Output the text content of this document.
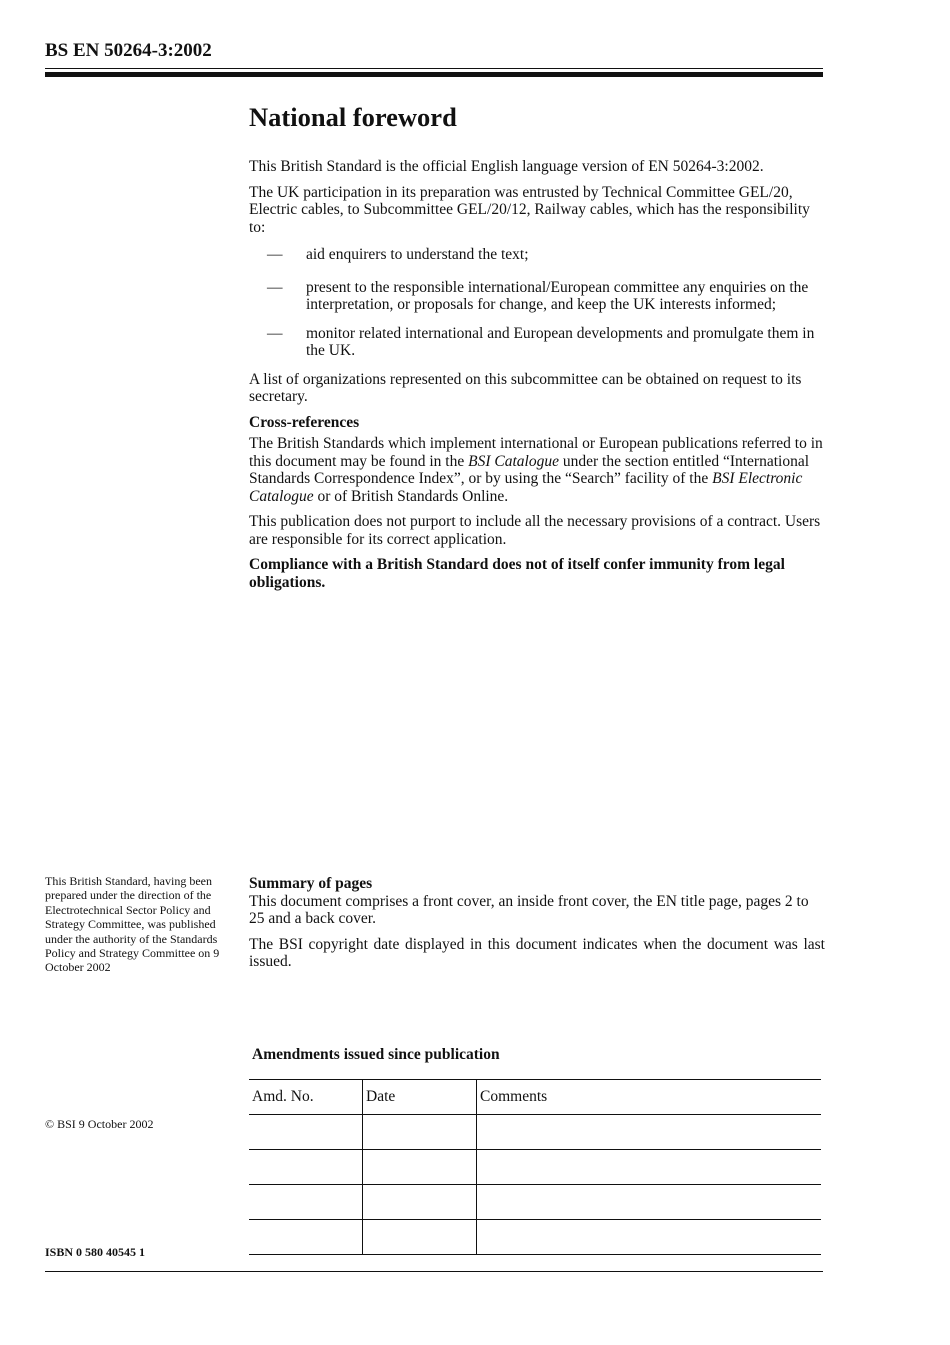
BS EN 50264-3:2002
National foreword

This British Standard is the official English language version of EN 50264-3:2002.

The UK participation in its preparation was entrusted by Technical Committee GEL/20, Electric cables, to Subcommittee GEL/20/12, Railway cables, which has the responsibility to:

—	aid enquirers to understand the text;
—	present to the responsible international/European committee any enquiries on the interpretation, or proposals for change, and keep the UK interests informed;
—	monitor related international and European developments and promulgate them in the UK.

A list of organizations represented on this subcommittee can be obtained on request to its secretary.

Cross-references

The British Standards which implement international or European publications referred to in this document may be found in the BSI Catalogue under the section entitled “International Standards Correspondence Index”, or by using the “Search” facility of the BSI Electronic Catalogue or of British Standards Online.

This publication does not purport to include all the necessary provisions of a contract. Users are responsible for its correct application.

Compliance with a British Standard does not of itself confer immunity from legal obligations.

This British Standard, having been prepared under the direction of the Electrotechnical Sector Policy and Strategy Committee, was published under the authority of the Standards Policy and Strategy Committee on 9 October 2002

Summary of pages

This document comprises a front cover, an inside front cover, the EN title page, pages 2 to 25 and a back cover.

The BSI copyright date displayed in this document indicates when the document was last issued.

Amendments issued since publication
Amd. No.	Date	Comments

© BSI 9 October 2002
ISBN 0 580 40545 1
